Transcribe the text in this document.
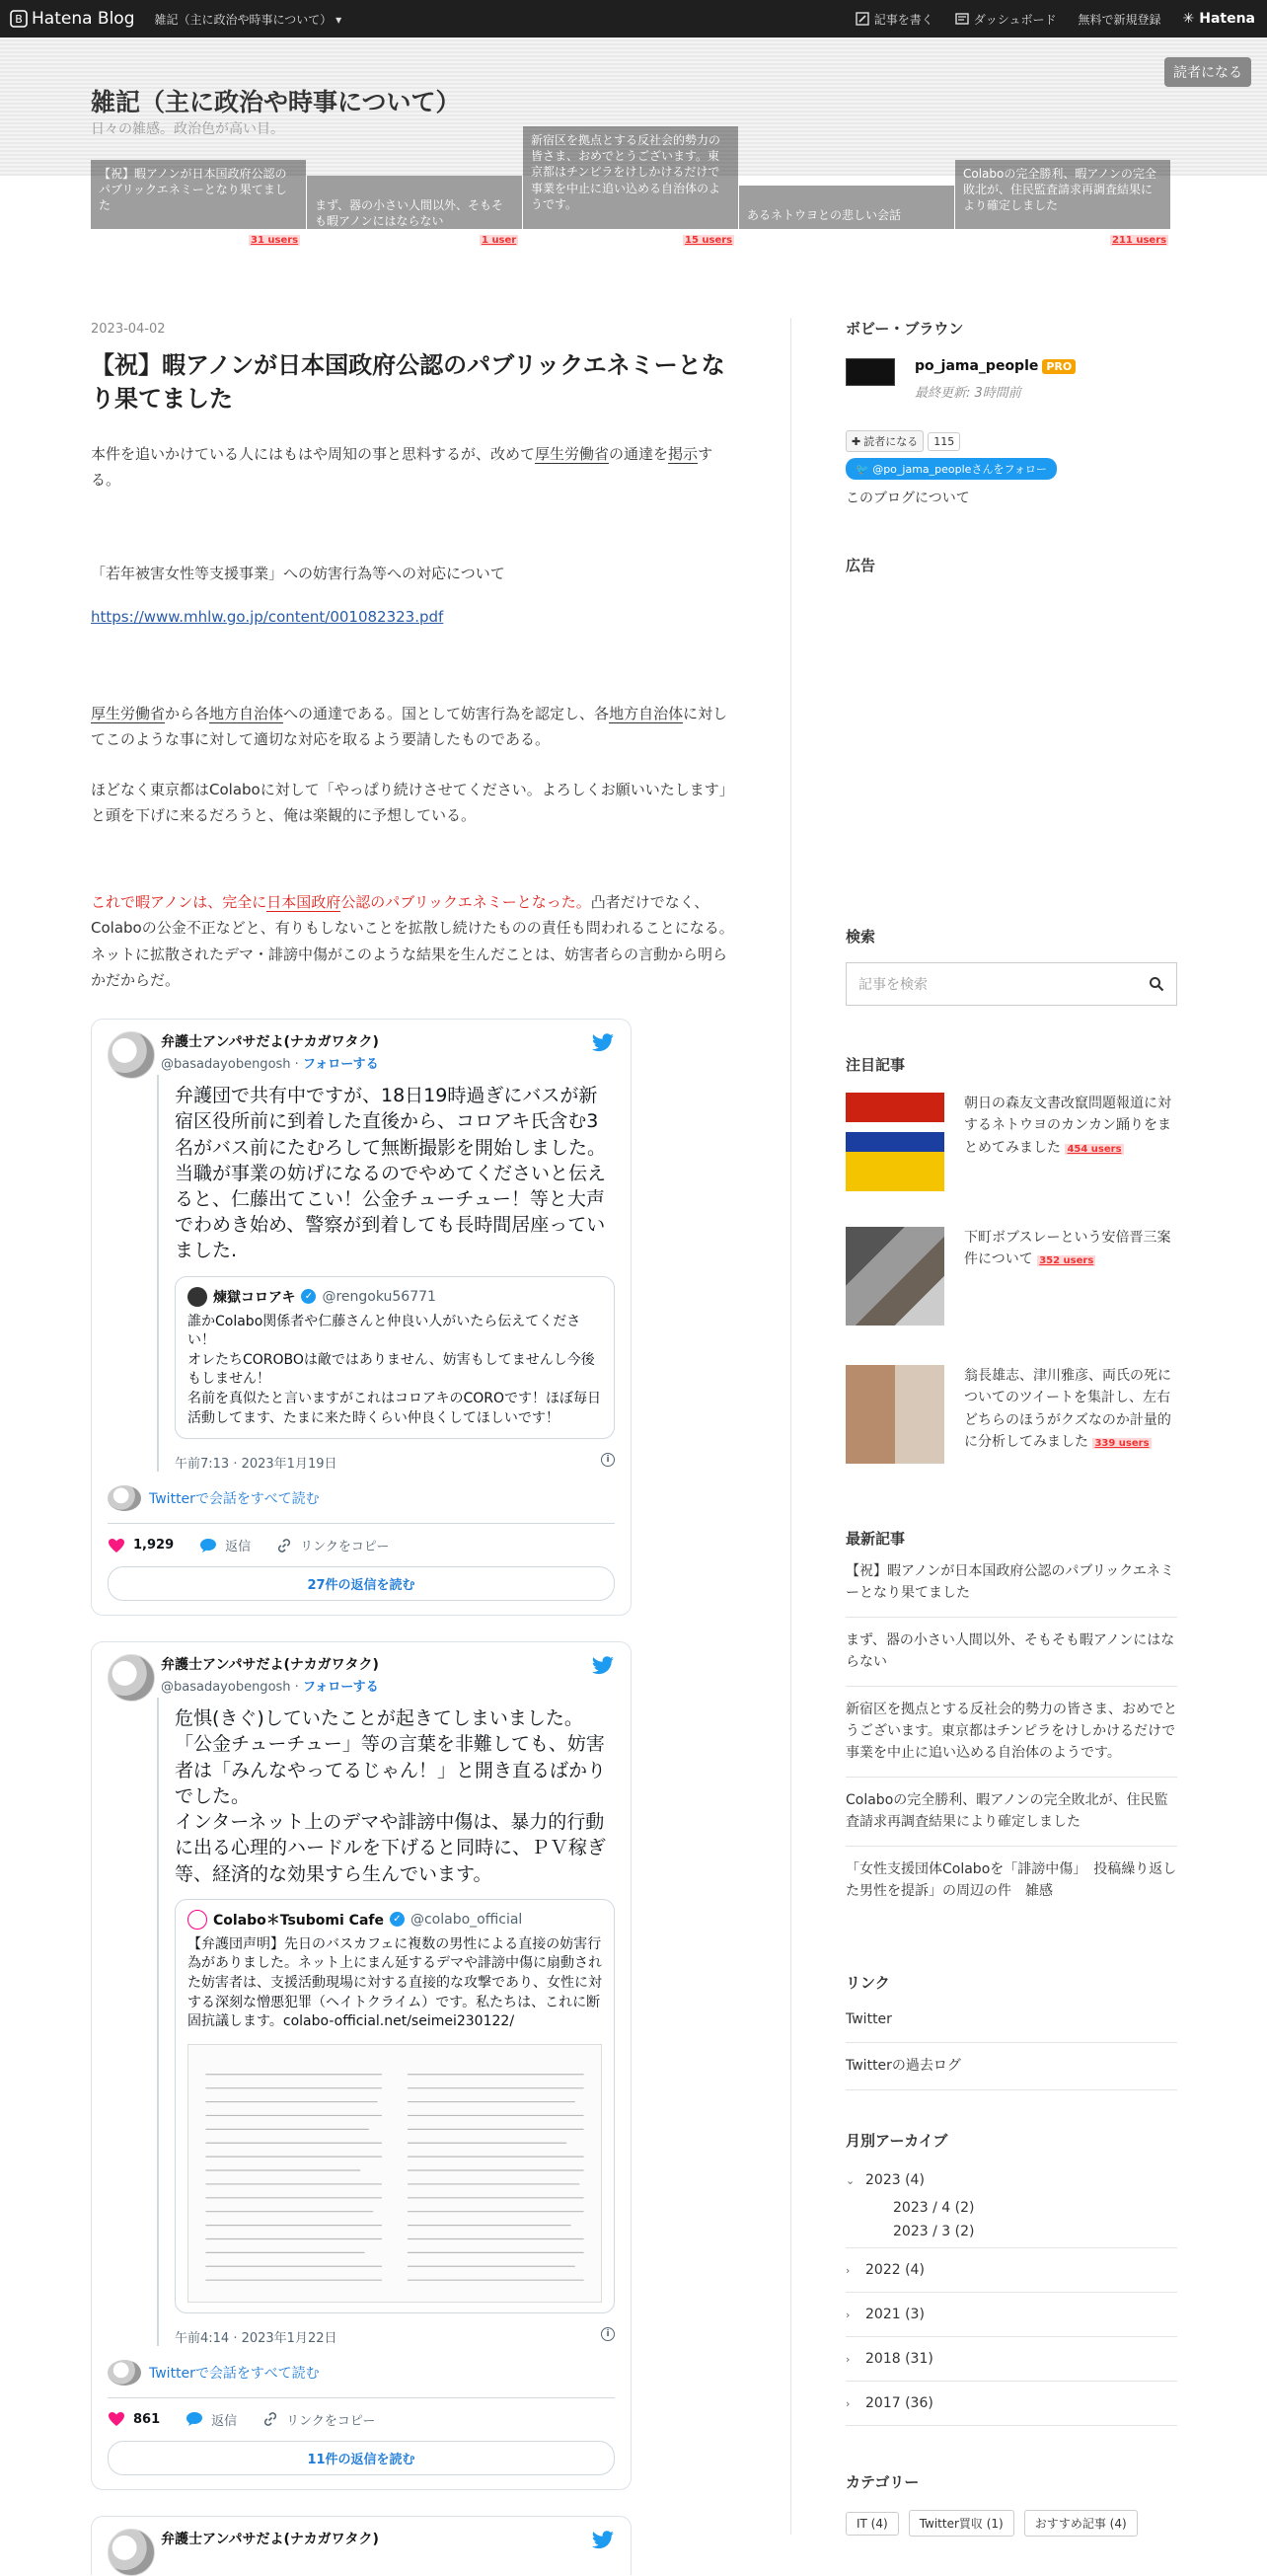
B Hatena Blog 雑記（主に政治や時事について） ▾	記事を書く	ダッシュボード 無料で新規登録 ✳ Hatena
読者になる
雑記（主に政治や時事について）
日々の雑感。政治色が高い目。
【祝】暇アノンが日本国政府公認のパブリックエネミーとなり果てました	まず、器の小さい人間以外、そもそも暇アノンにはならない
新宿区を拠点とする反社会的勢力の皆さま、おめでとうございます。東京都はチンピラをけしかけるだけで事業を中止に追い込める自治体のようです。
あるネトウヨとの悲しい会話
Colaboの完全勝利、暇アノンの完全敗北が、住民監査請求再調査結果により確定しました
31 users	1 user	15 users	211 users
2023-04-02
【祝】暇アノンが日本国政府公認のパブリックエネミーとなり果てました

本件を追いかけている人にはもはや周知の事と思料するが、改めて厚生労働省の通達を掲示する。

「若年被害女性等支援事業」への妨害行為等への対応について

https://www.mhlw.go.jp/content/001082323.pdf

厚生労働省から各地方自治体への通達である。国として妨害行為を認定し、各地方自治体に対してこのような事に対して適切な対応を取るよう要請したものである。

ほどなく東京都はColaboに対して「やっぱり続けさせてください。よろしくお願いいたします」と頭を下げに来るだろうと、俺は楽観的に予想している。

これで暇アノンは、完全に日本国政府公認のパブリックエネミーとなった。凸者だけでなく、Colaboの公金不正などと、有りもしないことを拡散し続けたものの責任も問われることになる。ネットに拡散されたデマ・誹謗中傷がこのような結果を生んだことは、妨害者らの言動から明らかだからだ。

弁護士アンパサだよ(ナカガワタク)
@basadayobengosh · フォローする
弁護団で共有中ですが、18日19時過ぎにバスが新宿区役所前に到着した直後から、コロアキ氏含む3名がバス前にたむろして無断撮影を開始しました。当職が事業の妨げになるのでやめてくださいと伝えると、仁藤出てこい！公金チューチュー！等と大声でわめき始め、警察が到着しても長時間居座っていました.
煉獄コロアキ ✓ @rengoku56771
誰かColabo関係者や仁藤さんと仲良い人がいたら伝えてください！
オレたちCOROBOは敵ではありません、妨害もしてませんし今後もしません！
名前を真似たと言いますがこれはコロアキのCOROです！ほぼ毎日活動してます、たまに来た時くらい仲良くしてほしいです！
午前7:13 · 2023年1月19日	i
Twitterで会話をすべて読む
1,929	返信	リンクをコピー
27件の返信を読む
弁護士アンパサだよ(ナカガワタク)
@basadayobengosh · フォローする
危惧(きぐ)していたことが起きてしまいました。
「公金チューチュー」等の言葉を非難しても、妨害者は「みんなやってるじゃん！」と開き直るばかりでした。
インターネット上のデマや誹謗中傷は、暴力的行動に出る心理的ハードルを下げると同時に、ＰＶ稼ぎ等、経済的な効果すら生んでいます。
Colabo＊Tsubomi Cafe ✓ @colabo_official
【弁護団声明】先日のバスカフェに複数の男性による直接の妨害行為がありました。ネット上にまん延するデマや誹謗中傷に扇動された妨害者は、支援活動現場に対する直接的な攻撃であり、女性に対する深刻な憎悪犯罪（ヘイトクライム）です。私たちは、これに断固抗議します。colabo-official.net/seimei230122/
午前4:14 · 2023年1月22日	i
Twitterで会話をすべて読む
861	返信	リンクをコピー
11件の返信を読む
弁護士アンパサだよ(ナカガワタク)
ボビー・ブラウン
po_jama_people PRO
最終更新: 3時間前
✚ 読者になる 115
🐦 @po_jama_peopleさんをフォロー
このブログについて
広告
検索
記事を検索
注目記事
朝日の森友文書改竄問題報道に対するネトウヨのカンカン踊りをまとめてみました 454 users
下町ボブスレーという安倍晋三案件について 352 users
翁長雄志、津川雅彦、両氏の死についてのツイートを集計し、左右どちらのほうがクズなのか計量的に分析してみました 339 users
最新記事
【祝】暇アノンが日本国政府公認のパブリックエネミーとなり果てました
まず、器の小さい人間以外、そもそも暇アノンにはならない
新宿区を拠点とする反社会的勢力の皆さま、おめでとうございます。東京都はチンピラをけしかけるだけで事業を中止に追い込める自治体のようです。
Colaboの完全勝利、暇アノンの完全敗北が、住民監査請求再調査結果により確定しました
「女性支援団体Colaboを「誹謗中傷」　投稿繰り返した男性を提訴」の周辺の件　雑感
リンク
Twitter
Twitterの過去ログ
月別アーカイブ
⌄ 2023 (4)
2023 / 4 (2)
2023 / 3 (2)
›	2022 (4)
›	2021 (3)
›	2018 (31)
›	2017 (36)
カテゴリー
IT (4)	Twitter買収 (1)	おすすめ記事 (4)
